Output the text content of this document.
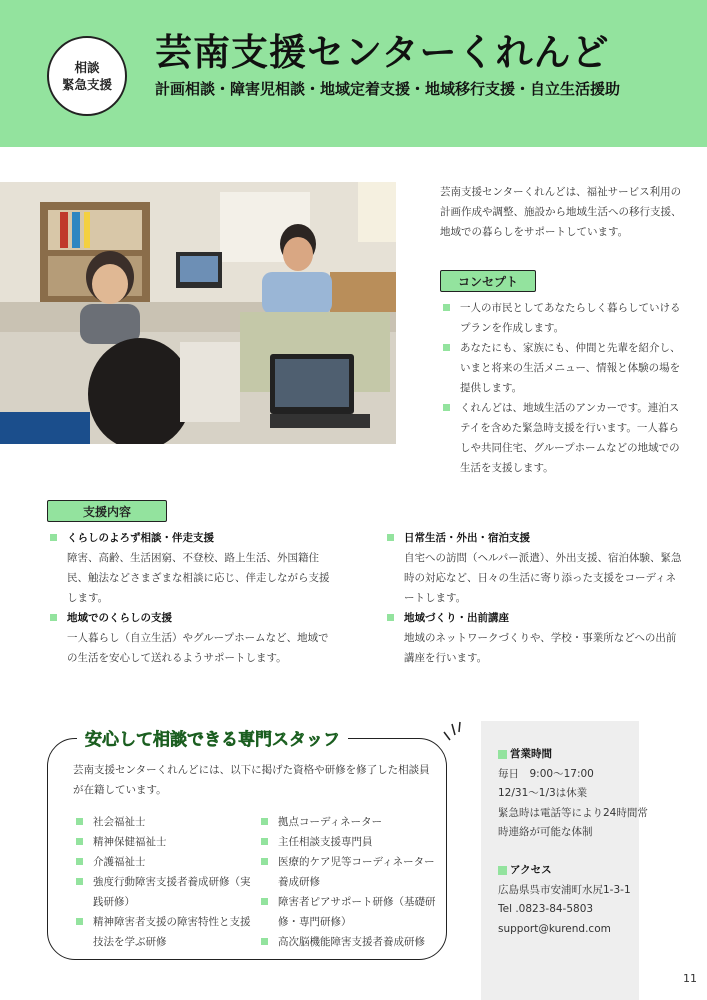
相談
緊急支援
芸南支援センターくれんど
計画相談・障害児相談・地域定着支援・地域移行支援・自立生活援助
芸南支援センターくれんどは、福祉サービス利用の計画作成や調整、施設から地域生活への移行支援、地域での暮らしをサポートしています。
コンセプト
一人の市民としてあなたらしく暮らしていけるプランを作成します。
あなたにも、家族にも、仲間と先輩を紹介し、いまと将来の生活メニュー、情報と体験の場を提供します。
くれんどは、地域生活のアンカーです。連泊ステイを含めた緊急時支援を行います。一人暮らしや共同住宅、グループホームなどの地域での生活を支援します。
支援内容
くらしのよろず相談・伴走支援
障害、高齢、生活困窮、不登校、路上生活、外国籍住民、触法などさまざまな相談に応じ、伴走しながら支援します。
地域でのくらしの支援
一人暮らし（自立生活）やグループホームなど、地域での生活を安心して送れるようサポートします。
日常生活・外出・宿泊支援
自宅への訪問（ヘルパー派遣）、外出支援、宿泊体験、緊急時の対応など、日々の生活に寄り添った支援をコーディネートします。
地域づくり・出前講座
地域のネットワークづくりや、学校・事業所などへの出前講座を行います。
安心して相談できる専門スタッフ
芸南支援センターくれんどには、以下に掲げた資格や研修を修了した相談員が在籍しています。
社会福祉士
精神保健福祉士
介護福祉士
強度行動障害支援者養成研修（実践研修）
精神障害者支援の障害特性と支援技法を学ぶ研修
拠点コーディネーター
主任相談支援専門員
医療的ケア児等コーディネーター養成研修
障害者ピアサポート研修（基礎研修・専門研修）
高次脳機能障害支援者養成研修
営業時間
毎日　9:00～17:00
12/31～1/3は休業
緊急時は電話等により24時間常時連絡が可能な体制
アクセス
広島県呉市安浦町水尻1-3-1
Tel .0823-84-5803
support@kurend.com
11
